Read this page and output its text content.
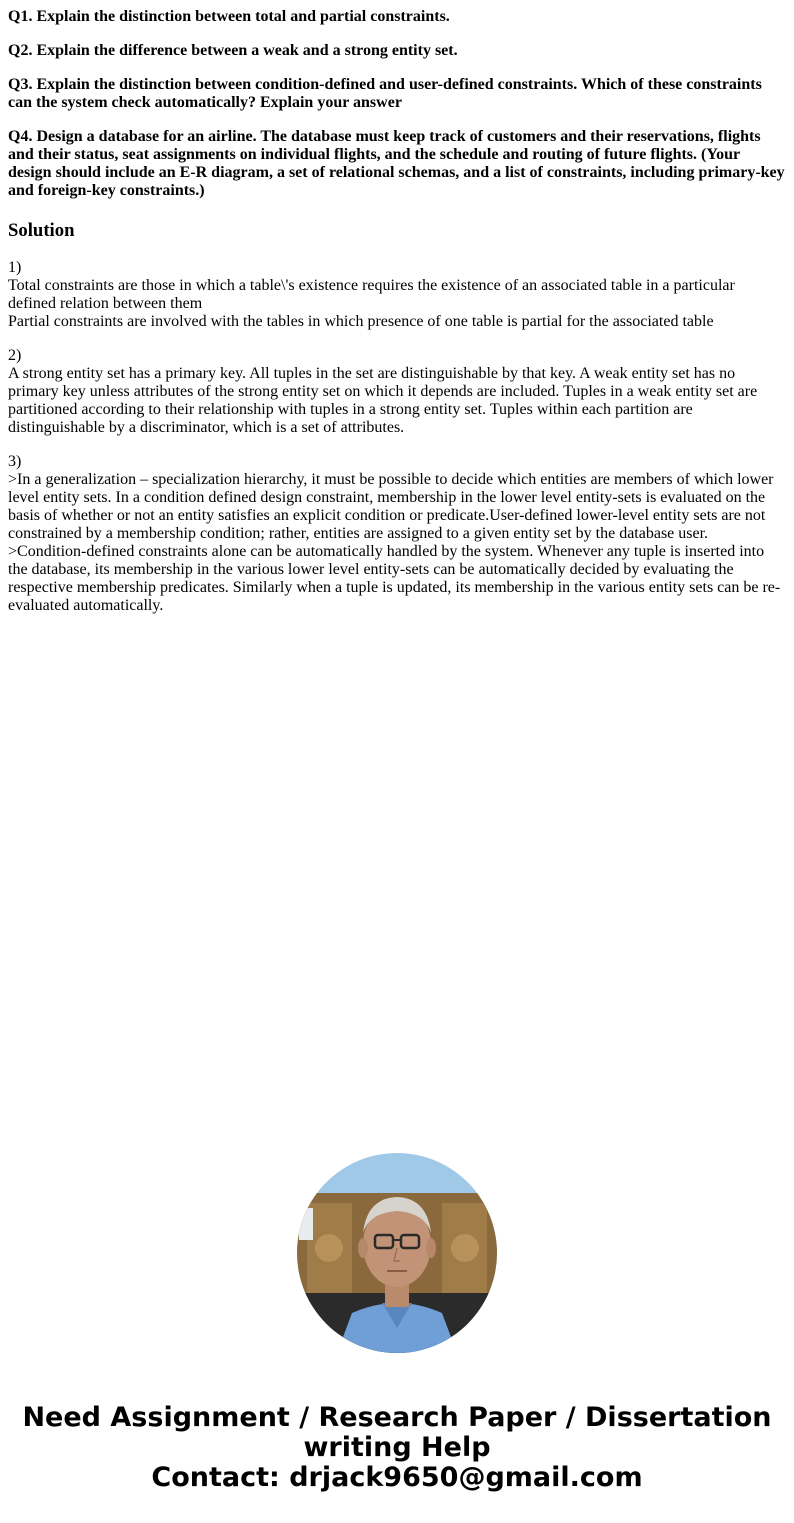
Q1. Explain the distinction between total and partial constraints.
Q2. Explain the difference between a weak and a strong entity set.
Q3. Explain the distinction between condition-defined and user-defined constraints. Which of these constraints can the system check automatically? Explain your answer
Q4. Design a database for an airline. The database must keep track of customers and their reservations, flights and their status, seat assignments on individual flights, and the schedule and routing of future flights. (Your design should include an E-R diagram, a set of relational schemas, and a list of constraints, including primary-key and foreign-key constraints.)
Solution
1)
Total constraints are those in which a table\'s existence requires the existence of an associated table in a particular defined relation between them
Partial constraints are involved with the tables in which presence of one table is partial for the associated table
2)
A strong entity set has a primary key. All tuples in the set are distinguishable by that key. A weak entity set has no primary key unless attributes of the strong entity set on which it depends are included. Tuples in a weak entity set are partitioned according to their relationship with tuples in a strong entity set. Tuples within each partition are distinguishable by a discriminator, which is a set of attributes.
3)
>In a generalization – specialization hierarchy, it must be possible to decide which entities are members of which lower level entity sets. In a condition defined design constraint, membership in the lower level entity-sets is evaluated on the basis of whether or not an entity satisfies an explicit condition or predicate.User-defined lower-level entity sets are not constrained by a membership condition; rather, entities are assigned to a given entity set by the database user.
>Condition-defined constraints alone can be automatically handled by the system. Whenever any tuple is inserted into the database, its membership in the various lower level entity-sets can be automatically decided by evaluating the respective membership predicates. Similarly when a tuple is updated, its membership in the various entity sets can be re-evaluated automatically.
Need Assignment / Research Paper / Dissertation
writing Help
Contact: drjack9650@gmail.com
